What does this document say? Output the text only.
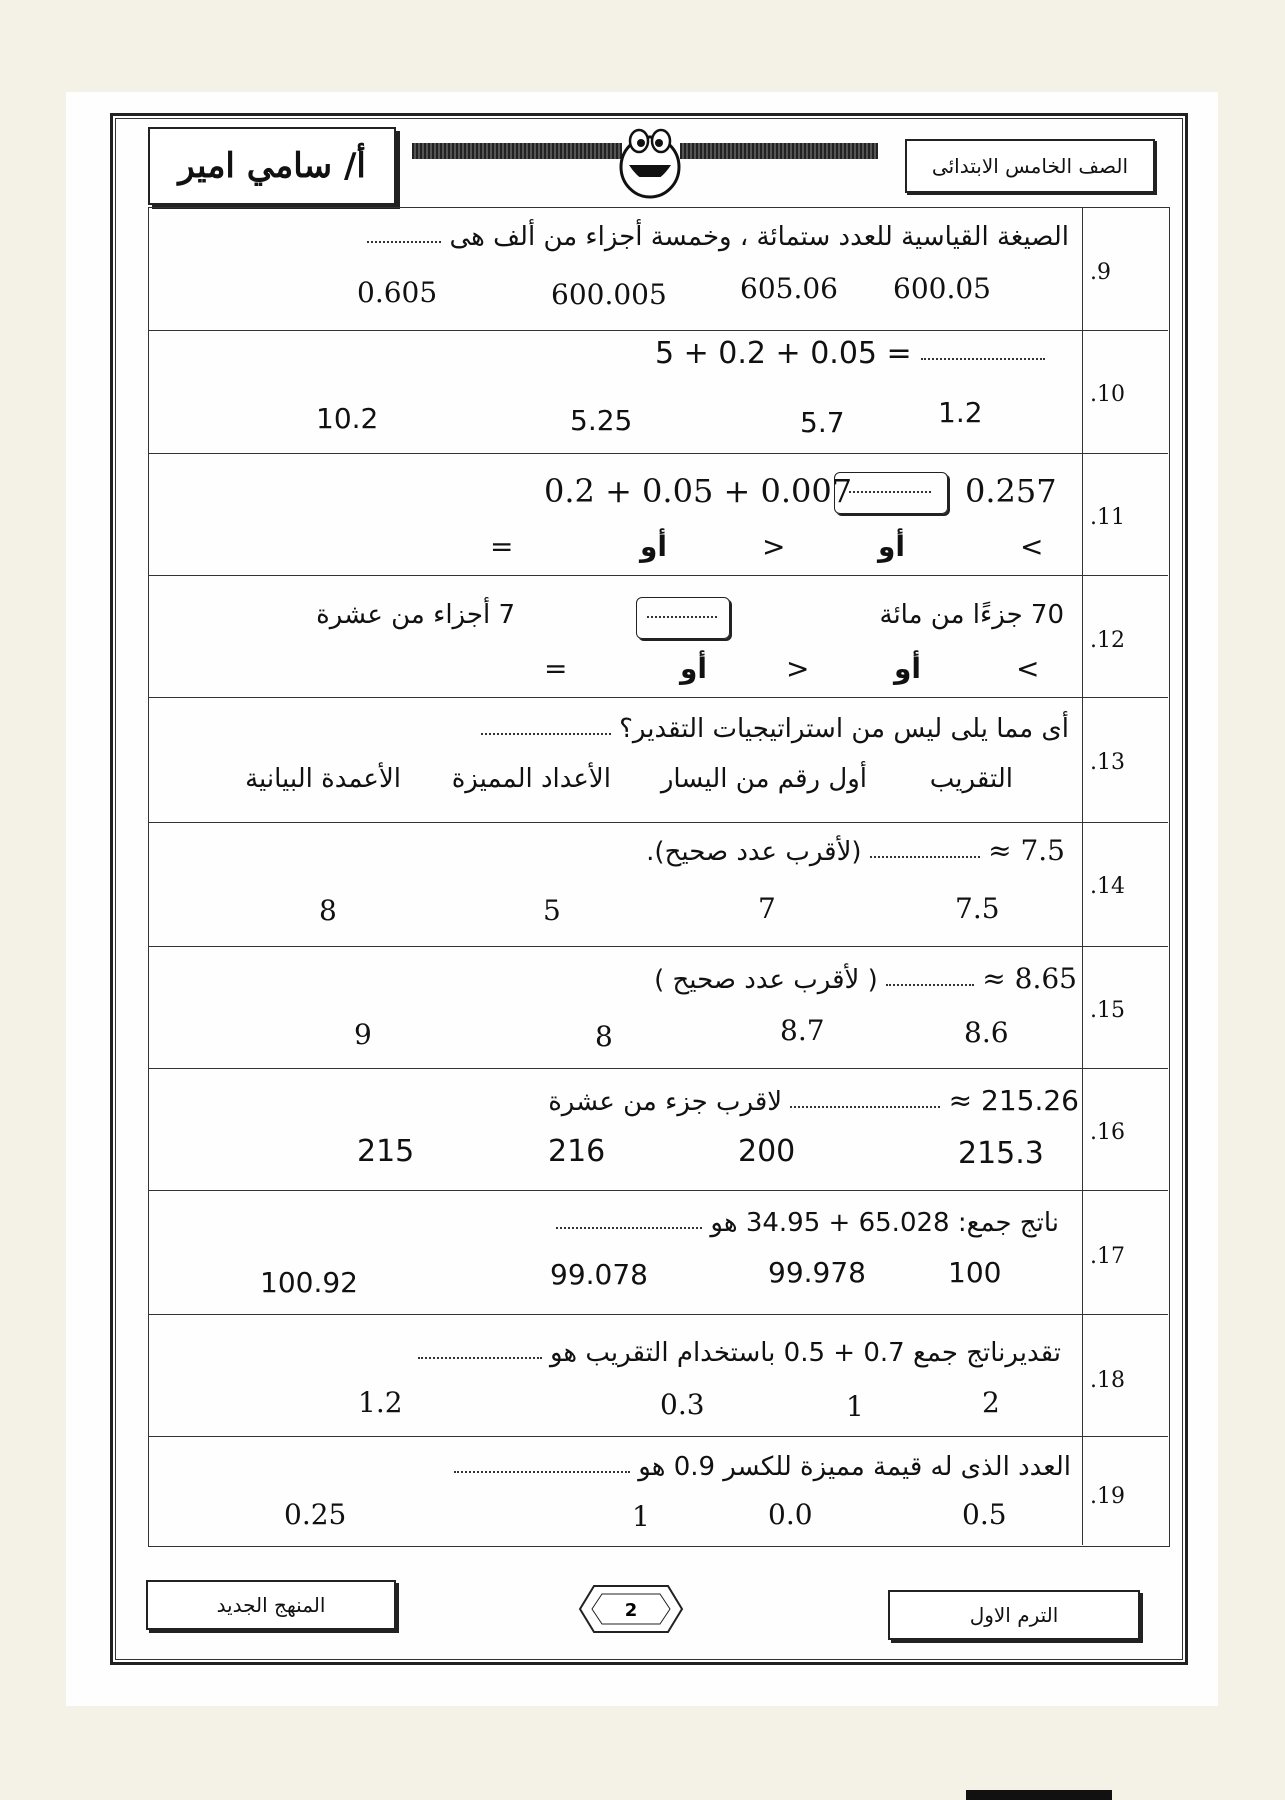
أ/ سامي امير	الصف الخامس الابتدائى
.9
الصيغة القياسية للعدد ستمائة ، وخمسة أجزاء من ألف هى
600.05
605.06
600.005
0.605
.10
5 + 0.2 + 0.05 =
1.2
5.7
5.25
10.2
.11
0.257
0.2 + 0.05 + 0.007
<
أو
>
أو
=
.12
70 جزءًا من مائة
7 أجزاء من عشرة
<
أو
>
أو
=
.13
أى مما يلى ليس من استراتيجيات التقدير؟
التقريب
أول رقم من اليسار
الأعداد المميزة
الأعمدة البيانية
.14
7.5 ≈  (لأقرب عدد صحيح).
7.5
7
5
8
.15
8.65 ≈  ( لأقرب عدد صحيح )
8.6
8.7
8
9
.16
215.26 ≈  لاقرب جزء من عشرة
215.3
200
216
215
.17
ناتج جمع: 65.028 + 34.95 هو
100
99.978
99.078
100.92
.18
تقديرناتج جمع 0.7 + 0.5 باستخدام التقريب هو
2
1
0.3
1.2
.19
العدد الذى له قيمة مميزة للكسر 0.9 هو
0.5
0.0
1
0.25
المنهج الجديد	2	الترم الاول
